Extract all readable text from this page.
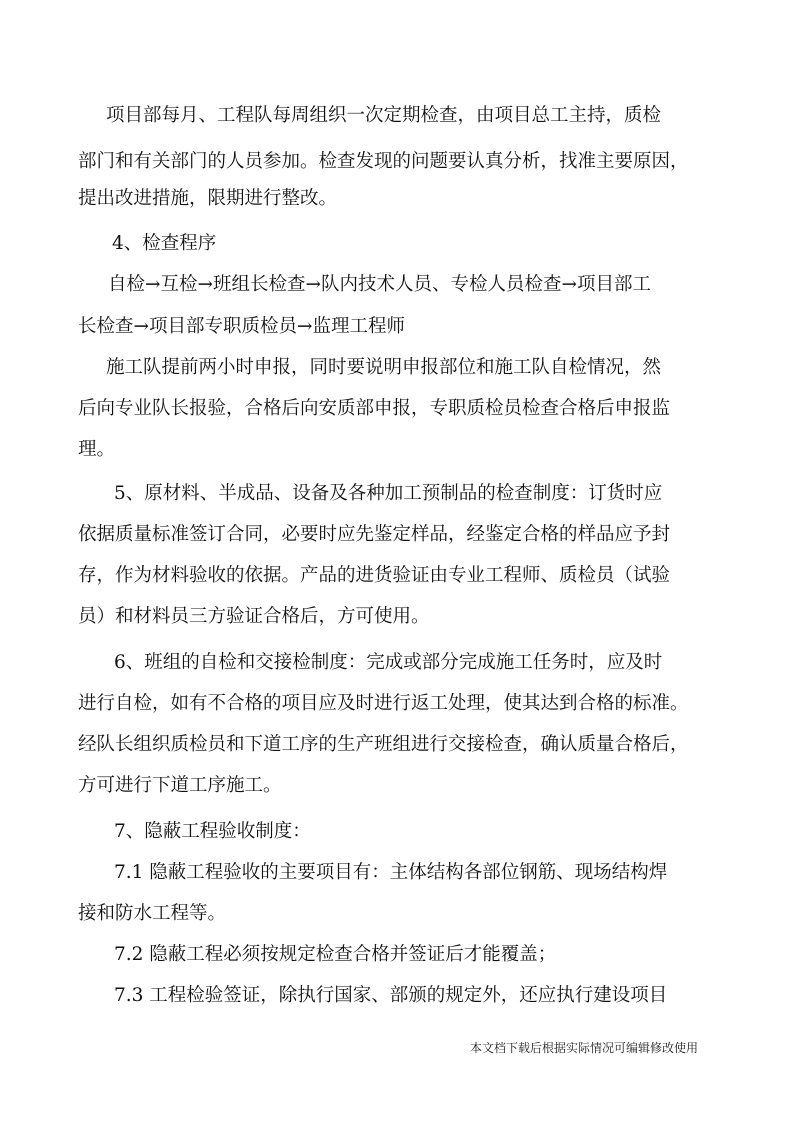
项目部每月、工程队每周组织一次定期检查，由项目总工主持，质检
部门和有关部门的人员参加。检查发现的问题要认真分析，找准主要原因，
提出改进措施，限期进行整改。
4、检查程序
自检→互检→班组长检查→队内技术人员、专检人员检查→项目部工
长检查→项目部专职质检员→监理工程师
施工队提前两小时申报，同时要说明申报部位和施工队自检情况，然
后向专业队长报验，合格后向安质部申报，专职质检员检查合格后申报监
理。
5、原材料、半成品、设备及各种加工预制品的检查制度：订货时应
依据质量标准签订合同，必要时应先鉴定样品，经鉴定合格的样品应予封
存，作为材料验收的依据。产品的进货验证由专业工程师、质检员（试验
员）和材料员三方验证合格后，方可使用。
6、班组的自检和交接检制度：完成或部分完成施工任务时，应及时
进行自检，如有不合格的项目应及时进行返工处理，使其达到合格的标准。
经队长组织质检员和下道工序的生产班组进行交接检查，确认质量合格后，
方可进行下道工序施工。
7、隐蔽工程验收制度：
7.1 隐蔽工程验收的主要项目有：主体结构各部位钢筋、现场结构焊
接和防水工程等。
7.2 隐蔽工程必须按规定检查合格并签证后才能覆盖；
7.3 工程检验签证，除执行国家、部颁的规定外，还应执行建设项目
本文档下载后根据实际情况可编辑修改使用
